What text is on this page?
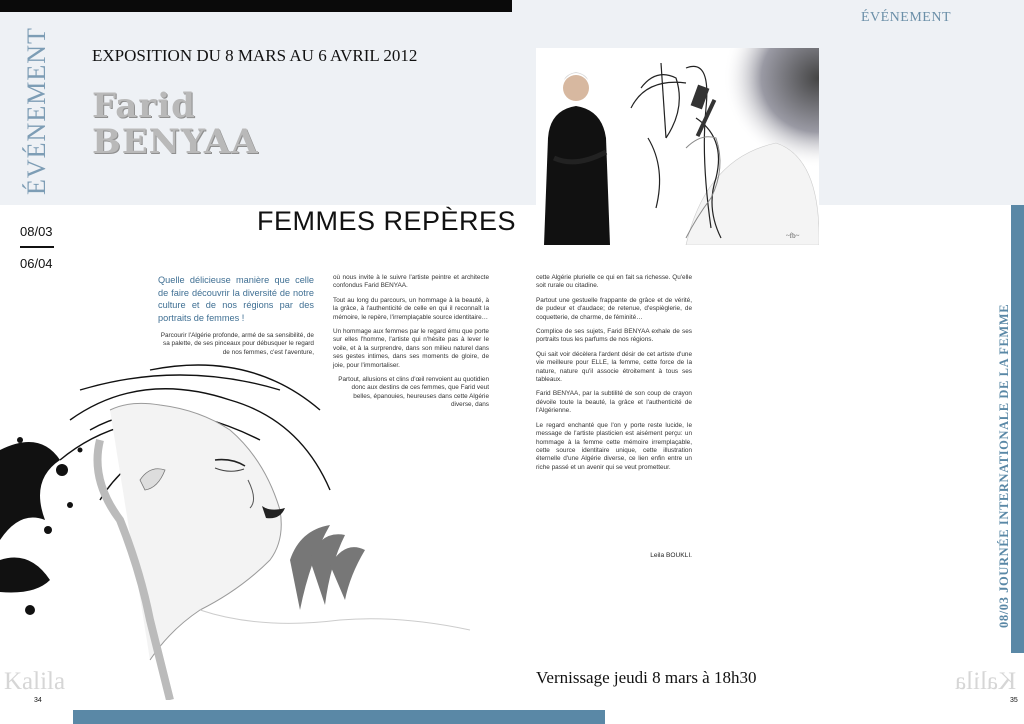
ÉVÉNEMENT
ÉVÉNEMENT
EXPOSITION DU 8 MARS AU 6 AVRIL 2012
Farid
BENYAA
~fb~
FEMMES REPÈRES
08/03
06/04
Quelle délicieuse manière que celle de faire découvrir la diversité de notre culture et de nos régions par des portraits de femmes !
Parcourir l'Algérie profonde, armé de sa sensibilité, de sa palette, de ses pinceaux pour débusquer le regard de nos femmes, c'est l'aventure,

où nous invite à le suivre l'artiste peintre et architecte confondus Farid BENYAA.

Tout au long du parcours, un hommage à la beauté, à la grâce, à l'authenticité de celle en qui il reconnaît la mémoire, le repère, l'irremplaçable source identitaire…

Un hommage aux femmes par le regard ému que porte sur elles l'homme, l'artiste qui n'hésite pas à lever le voile, et à la surprendre, dans son milieu naturel dans ses gestes intimes, dans ses moments de gloire, de joie, pour l'immortaliser.

Partout, allusions et clins d'œil renvoient au quotidien donc aux destins de ces femmes, que Farid veut belles, épanouies, heureuses dans cette Algérie diverse, dans

cette Algérie plurielle ce qui en fait sa richesse. Qu'elle soit rurale ou citadine.

Partout une gestuelle frappante de grâce et de vérité, de pudeur et d'audace; de retenue, d'espièglerie, de coquetterie, de charme, de féminité…

Complice de ses sujets, Farid BENYAA exhale de ses portraits tous les parfums de nos régions.

Qui sait voir décèlera l'ardent désir de cet artiste d'une vie meilleure pour ELLE, la femme, cette force de la nature, nature qu'il associe étroitement à tous ses tableaux.

Farid BENYAA, par la subtilité de son coup de crayon dévoile toute la beauté, la grâce et l'authenticité de l'Algérienne.

Le regard enchanté que l'on y porte reste lucide, le message de l'artiste plasticien est aisément perçu: un hommage à la femme cette mémoire irremplaçable, cette source identitaire unique, cette illustration éternelle d'une Algérie diverse, ce lien enfin entre un riche passé et un avenir qui se veut prometteur.

Leila BOUKLI.	08/03 JOURNÉE INTERNATIONALE DE LA FEMME
Vernissage jeudi 8 mars à 18h30
Kalila	Kalila
34	35
